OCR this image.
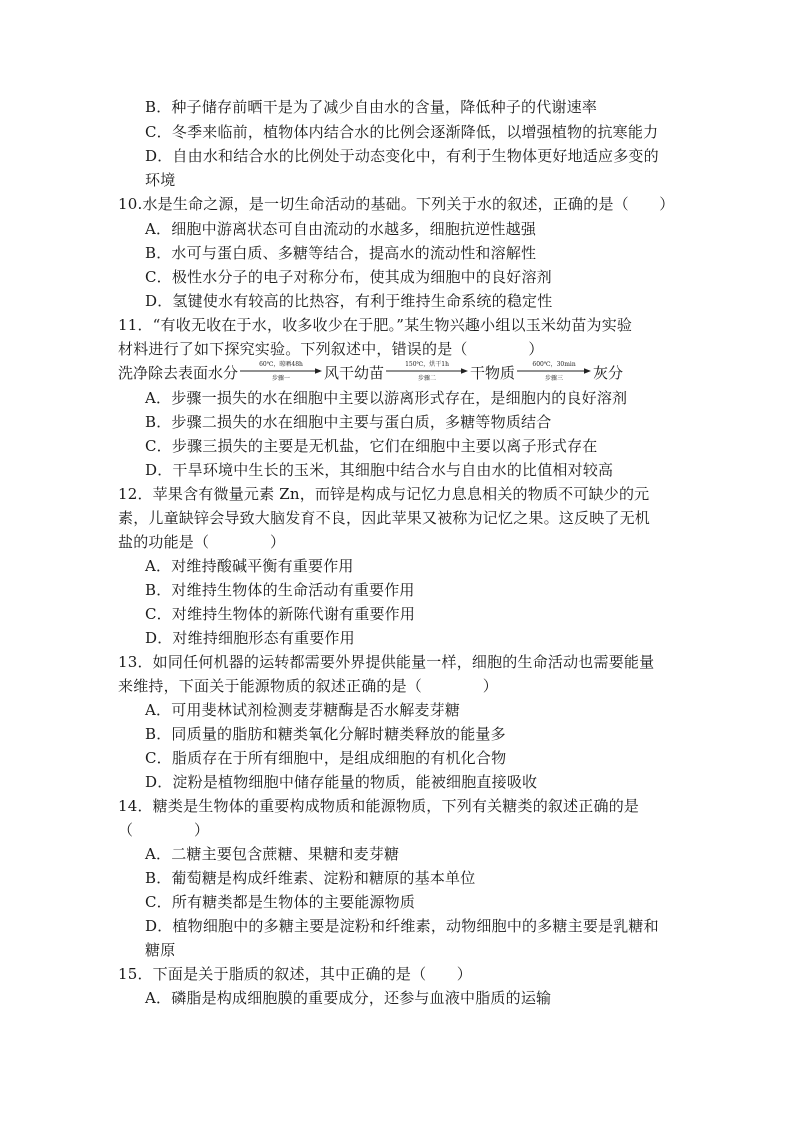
B．种子储存前晒干是为了减少自由水的含量，降低种子的代谢速率
C．冬季来临前，植物体内结合水的比例会逐渐降低，以增强植物的抗寒能力
D．自由水和结合水的比例处于动态变化中，有利于生物体更好地适应多变的
环境
10.水是生命之源，是一切生命活动的基础。下列关于水的叙述，正确的是（　　）
A．细胞中游离状态可自由流动的水越多，细胞抗逆性越强
B．水可与蛋白质、多糖等结合，提高水的流动性和溶解性
C．极性水分子的电子对称分布，使其成为细胞中的良好溶剂
D．氢键使水有较高的比热容，有利于维持生命系统的稳定性
11．“有收无收在于水，收多收少在于肥。”某生物兴趣小组以玉米幼苗为实验
材料进行了如下探究实验。下列叙述中，错误的是（　　　　）
洗净除去表面水分	60℃，晾晒48h
步骤一	风干幼苗	150℃，烘干1h
步骤二	干物质	600℃，30min
步骤三	灰分
A．步骤一损失的水在细胞中主要以游离形式存在，是细胞内的良好溶剂
B．步骤二损失的水在细胞中主要与蛋白质，多糖等物质结合
C．步骤三损失的主要是无机盐，它们在细胞中主要以离子形式存在
D．干旱环境中生长的玉米，其细胞中结合水与自由水的比值相对较高
12．苹果含有微量元素 Zn，而锌是构成与记忆力息息相关的物质不可缺少的元
素，儿童缺锌会导致大脑发育不良，因此苹果又被称为记忆之果。这反映了无机
盐的功能是（　　　　）
A．对维持酸碱平衡有重要作用
B．对维持生物体的生命活动有重要作用
C．对维持生物体的新陈代谢有重要作用
D．对维持细胞形态有重要作用
13．如同任何机器的运转都需要外界提供能量一样，细胞的生命活动也需要能量
来维持，下面关于能源物质的叙述正确的是（　　　　）
A．可用斐林试剂检测麦芽糖酶是否水解麦芽糖
B．同质量的脂肪和糖类氧化分解时糖类释放的能量多
C．脂质存在于所有细胞中，是组成细胞的有机化合物
D．淀粉是植物细胞中储存能量的物质，能被细胞直接吸收
14．糖类是生物体的重要构成物质和能源物质，下列有关糖类的叙述正确的是
（　　　　）
A．二糖主要包含蔗糖、果糖和麦芽糖
B．葡萄糖是构成纤维素、淀粉和糖原的基本单位
C．所有糖类都是生物体的主要能源物质
D．植物细胞中的多糖主要是淀粉和纤维素，动物细胞中的多糖主要是乳糖和
糖原
15．下面是关于脂质的叙述，其中正确的是（　　）
A．磷脂是构成细胞膜的重要成分，还参与血液中脂质的运输
